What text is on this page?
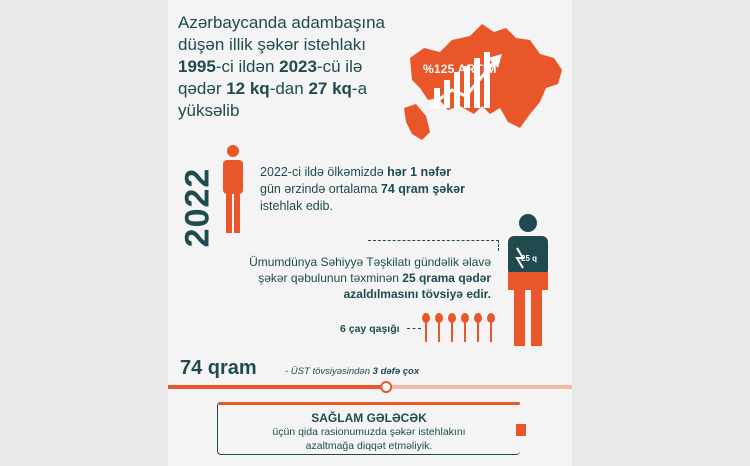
Azərbaycanda adambaşına
düşən illik şəkər istehlakı
1995-ci ildən 2023-cü ilə
qədər 12 kq-dan 27 kq-a
yüksəlib

%125 ARTIM
2022	2022-ci ildə ölkəmizdə hər 1 nəfər
gün ərzində ortalama 74 qram şəkər
istehlak edib.

Ümumdünya Səhiyyə Təşkilatı gündəlik əlavə
şəkər qəbulunun təxminən 25 qrama qədər
azaldılmasını tövsiyə edir.

25 q
6 çay qaşığı
74 qram	- ÜST tövsiyəsindən 3 dəfə çox
SAĞLAM GƏLƏCƏK
üçün qida rasionumuzda şəkər istehlakını
azaltmağa diqqət etməliyik.
